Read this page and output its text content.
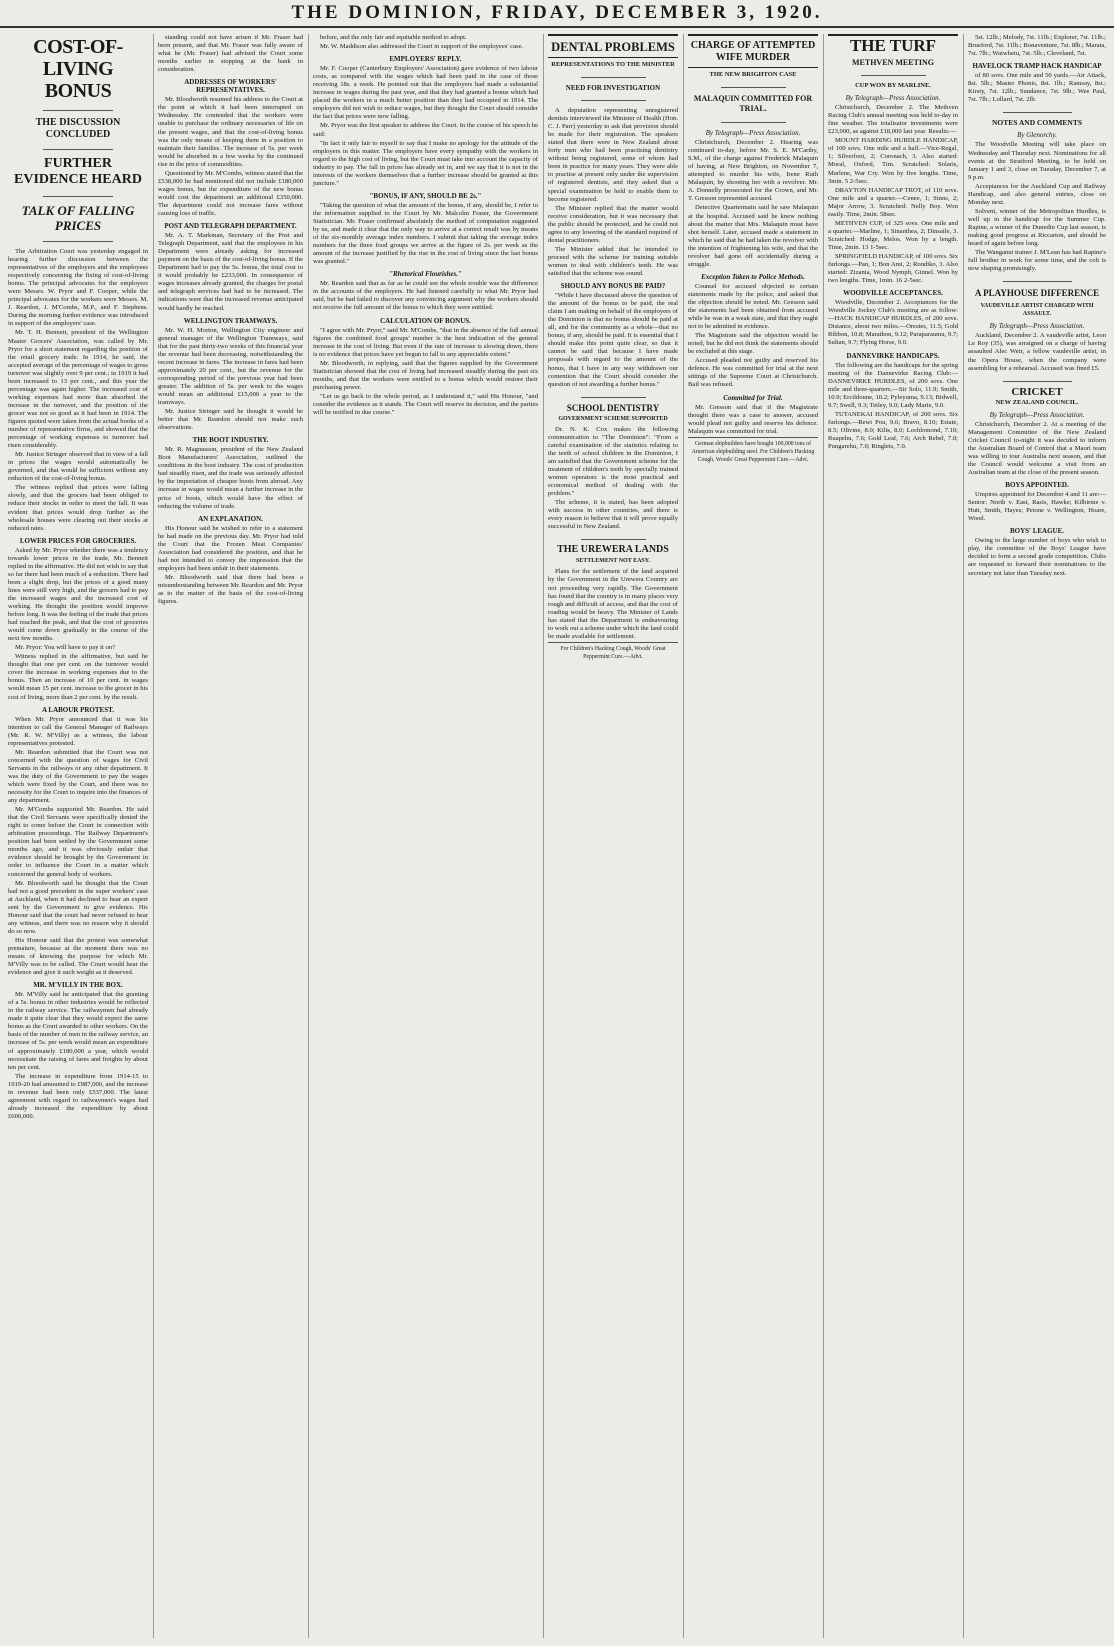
THE DOMINION, FRIDAY, DECEMBER 3, 1920.
COST-OF-LIVING BONUS
THE DISCUSSION CONCLUDED
FURTHER EVIDENCE HEARD
TALK OF FALLING PRICES

The Arbitration Court was yesterday engaged in hearing further discussion between the representatives of the employers and the employees respectively concerning the fixing of cost-of-living bonus. The principal advocates for the employers were Messrs. W. Pryor and F. Cooper, while the principal advocates for the workers were Messrs. M. J. Reardon, J. M'Combs, M.P., and F. Stephens. During the morning further evidence was introduced in support of the employers' case.

Mr. T. H. Bennett, president of the Wellington Master Grocers' Association, was called by Mr. Pryor for a short statement regarding the position of the retail grocery trade. In 1914, he said, the accepted average of the percentage of wages to gross turnover was slightly over 9 per cent.; in 1919 it had been increased to 13 per cent., and this year the percentage was again higher. The increased cost of working expenses had more than absorbed the increase in the turnover, and the position of the grocer was not so good as it had been in 1914. The figures quoted were taken from the actual books of a number of representative firms, and showed that the percentage of working expenses to turnover had risen considerably.

Mr. Justice Stringer observed that in view of a fall in prices the wages would automatically be governed, and that would be sufficient without any reduction of the cost-of-living bonus.

The witness replied that prices were falling slowly, and that the grocers had been obliged to reduce their stocks in order to meet the fall. It was evident that prices would drop further as the wholesale houses were clearing out their stocks at reduced rates.

LOWER PRICES FOR GROCERIES.

Asked by Mr. Pryor whether there was a tendency towards lower prices in the trade, Mr. Bennett replied in the affirmative. He did not wish to say that so far there had been much of a reduction. There had been a slight drop, but the prices of a good many lines were still very high, and the grocers had to pay the increased wages and the increased cost of working. He thought the position would improve before long. It was the feeling of the trade that prices had reached the peak, and that the cost of groceries would come down gradually in the course of the next few months.

Mr. Pryor: You will have to pay it on?

Witness replied in the affirmative, but said he thought that one per cent. on the turnover would cover the increase in working expenses due to the bonus. Then an increase of 10 per cent. in wages would mean 15 per cent. increase to the grocer in his cost of living, more than 2 per cent. by the result.

A LABOUR PROTEST.

When Mr. Pryor announced that it was his intention to call the General Manager of Railways (Mr. R. W. M'Villy) as a witness, the labour representatives protested.

Mr. Reardon submitted that the Court was not concerned with the question of wages for Civil Servants in the railways or any other department. It was the duty of the Government to pay the wages which were fixed by the Court, and there was no necessity for the Court to inquire into the finances of any department.

Mr. M'Combs supported Mr. Reardon. He said that the Civil Servants were specifically denied the right to come before the Court in connection with arbitration proceedings. The Railway Department's position had been settled by the Government some months ago, and it was obviously unfair that evidence should be brought by the Government in order to influence the Court in a matter which concerned the general body of workers.

Mr. Bloodworth said he thought that the Court had not a good precedent in the super workers' case at Auckland, when it had declined to hear an expert sent by the Government to give evidence. His Honour said that the court had never refused to hear any witness, and there was no reason why it should do so now.

His Honour said that the protest was somewhat premature, because at the moment there was no means of knowing the purpose for which Mr. M'Villy was to be called. The Court would hear the evidence and give it such weight as it deserved.

MR. M'VILLY IN THE BOX.

Mr. M'Villy said he anticipated that the granting of a 5s. bonus in other industries would be reflected in the railway service. The railwaymen had already made it quite clear that they would expect the same bonus as the Court awarded to other workers. On the basis of the number of men in the railway service, an increase of 5s. per week would mean an expenditure of approximately £180,000 a year, which would necessitate the raising of fares and freights by about ten per cent.

The increase in expenditure from 1914-15 to 1919-20 had amounted to £987,000, and the increase in revenue had been only £537,000. The latest agreement with regard to railwaymen's wages had already increased the expenditure by about £600,000.

standing could not have arisen if Mr. Fraser had been present, and that Mr. Fraser was fully aware of what he (Mr. Fraser) had advised the Court some months earlier in stopping at the bank in consideration.

ADDRESSES OF WORKERS' REPRESENTATIVES.

Mr. Bloodworth resumed his address to the Court at the point at which it had been interrupted on Wednesday. He contended that the workers were unable to purchase the ordinary necessaries of life on the present wages, and that the cost-of-living bonus was the only means of keeping them in a position to maintain their families. The increase of 5s. per week would be absorbed in a few weeks by the continued rise in the price of commodities.

Questioned by Mr. M'Combs, witness stated that the £538,000 he had mentioned did not include £180,000 wages bonus, but the expenditure of the new bonus would cost the department an additional £350,000. The department could not increase fares without causing loss of traffic.

POST AND TELEGRAPH DEPARTMENT.

Mr. A. T. Markman, Secretary of the Post and Telegraph Department, said that the employees in his Department were already asking for increased payment on the basis of the cost-of-living bonus. If the Department had to pay the 5s. bonus, the total cost to it would probably be £233,000. In consequence of wages increases already granted, the charges for postal and telegraph services had had to be increased. The indications were that the increased revenue anticipated would hardly be reached.

WELLINGTON TRAMWAYS.

Mr. W. H. Morton, Wellington City engineer and general manager of the Wellington Tramways, said that for the past thirty-two weeks of this financial year the revenue had been decreasing, notwithstanding the recent increase in fares. The increase in fares had been approximately 20 per cent., but the revenue for the corresponding period of the previous year had been greater. The addition of 5s. per week to the wages would mean an additional £15,000 a year to the tramways.

Mr. Justice Stringer said he thought it would be better that Mr. Reardon should not make such observations.

THE BOOT INDUSTRY.

Mr. R. Magnusson, president of the New Zealand Boot Manufacturers' Association, outlined the conditions in the boot industry. The cost of production had steadily risen, and the trade was seriously affected by the importation of cheaper boots from abroad. Any increase in wages would mean a further increase in the price of boots, which would have the effect of reducing the volume of trade.

AN EXPLANATION.

His Honour said he wished to refer to a statement he had made on the previous day. Mr. Pryor had told the Court that the Frozen Meat Companies' Association had considered the position, and that he had not intended to convey the impression that the employers had been unfair in their statements.

Mr. Bloodworth said that there had been a misunderstanding between Mr. Reardon and Mr. Pryor as to the matter of the basis of the cost-of-living figures.

before, and the only fair and equitable method to adopt.

Mr. W. Maddison also addressed the Court in support of the employees' case.

EMPLOYERS' REPLY.

Mr. F. Cooper (Canterbury Employers' Association) gave evidence of two labour costs, as compared with the wages which had been paid in the case of those receiving 18s. a week. He pointed out that the employers had made a substantial increase in wages during the past year, and that they had granted a bonus which had placed the workers in a much better position than they had occupied in 1914. The employers did not wish to reduce wages, but they thought the Court should consider the fact that prices were now falling.

Mr. Pryor was the first speaker to address the Court. In the course of his speech he said:

"In fact it only fair to myself to say that I make no apology for the attitude of the employers in this matter. The employers have every sympathy with the workers in regard to the high cost of living, but the Court must take into account the capacity of industry to pay. The fall in prices has already set in, and we say that it is not in the interests of the workers themselves that a further increase should be granted at this juncture."

"BONUS, IF ANY, SHOULD BE 2s."

"Taking the question of what the amount of the bonus, if any, should be, I refer to the information supplied to the Court by Mr. Malcolm Fraser, the Government Statistician. Mr. Fraser confirmed absolutely the method of computation suggested by us, and made it clear that the only way to arrive at a correct result was by means of the six-monthly average index numbers. I submit that taking the average index numbers for the three food groups we arrive at the figure of 2s. per week as the amount of the increase justified by the rise in the cost of living since the last bonus was granted."

"Rhetorical Flourishes."

Mr. Reardon said that as far as he could see the whole trouble was the difference in the accounts of the employers. He had listened carefully to what Mr. Pryor had said, but he had failed to discover any convincing argument why the workers should not receive the full amount of the bonus to which they were entitled.

CALCULATION OF BONUS.

"I agree with Mr. Pryor," said Mr. M'Combs, "that in the absence of the full annual figures the combined food groups' number is the best indication of the general increase in the cost of living. But even if the rate of increase is slowing down, there is no evidence that prices have yet begun to fall to any appreciable extent."

Mr. Bloodworth, in replying, said that the figures supplied by the Government Statistician showed that the cost of living had increased steadily during the past six months, and that the workers were entitled to a bonus which would restore their purchasing power.

"Let us go back to the whole period, as I understand it," said His Honour, "and consider the evidence as it stands. The Court will reserve its decision, and the parties will be notified in due course."

DENTAL PROBLEMS
REPRESENTATIONS TO THE MINISTER
NEED FOR INVESTIGATION

A deputation representing unregistered dentists interviewed the Minister of Health (Hon. C. J. Parr) yesterday to ask that provision should be made for their registration. The speakers stated that there were in New Zealand about forty men who had been practising dentistry without being registered, some of whom had been in practice for many years. They were able to practise at present only under the supervision of registered dentists, and they asked that a special examination be held to enable them to become registered.

The Minister replied that the matter would receive consideration, but it was necessary that the public should be protected, and he could not agree to any lowering of the standard required of dental practitioners.

The Minister added that he intended to proceed with the scheme for training suitable women to deal with children's teeth. He was satisfied that the scheme was sound.

SHOULD ANY BONUS BE PAID?

"While I have discussed above the question of the amount of the bonus to be paid, the real claim I am making on behalf of the employers of the Dominion is that no bonus should be paid at all, and for the community as a whole—that no bonus, if any, should be paid. It is essential that I should make this point quite clear, so that it cannot be said that because I have made proposals with regard to the amount of the bonus, that I have in any way withdrawn our contention that the Court should consider the question of not awarding a further bonus."

SCHOOL DENTISTRY
GOVERNMENT SCHEME SUPPORTED

Dr. N. K. Cox makes the following communication to "The Dominion": "From a careful examination of the statistics relating to the teeth of school children in the Dominion, I am satisfied that the Government scheme for the treatment of children's teeth by specially trained women operators is the most practical and economical method of dealing with the problem."

The scheme, it is stated, has been adopted with success in other countries, and there is every reason to believe that it will prove equally successful in New Zealand.

THE UREWERA LANDS
SETTLEMENT NOT EASY.

Plans for the settlement of the land acquired by the Government in the Urewera Country are not proceeding very rapidly. The Government has found that the country is in many places very rough and difficult of access, and that the cost of roading would be heavy. The Minister of Lands has stated that the Department is endeavouring to work out a scheme under which the land could be made available for settlement.

For Children's Hacking Cough, Woods' Great Peppermint Cure.—Advt.
CHARGE OF ATTEMPTED WIFE MURDER
THE NEW BRIGHTON CASE
MALAQUIN COMMITTED FOR TRIAL.
By Telegraph—Press Association.

Christchurch, December 2. Hearing was continued to-day, before Mr. S. E. M'Carthy, S.M., of the charge against Frederick Malaquin of having, at New Brighton, on November 7, attempted to murder his wife, Irene Ruth Malaquin, by shooting her with a revolver. Mr. A. Donnelly prosecuted for the Crown, and Mr. T. Gresson represented accused.

Detective Quartermain said he saw Malaquin at the hospital. Accused said he knew nothing about the matter that Mrs. Malaquin must have shot herself. Later, accused made a statement in which he said that he had taken the revolver with the intention of frightening his wife, and that the revolver had gone off accidentally during a struggle.

Exception Taken to Police Methods.

Counsel for accused objected to certain statements made by the police, and asked that the objection should be noted. Mr. Gresson said the statements had been obtained from accused while he was in a weak state, and that they ought not to be admitted in evidence.

The Magistrate said the objection would be noted, but he did not think the statements should be excluded at this stage.

Accused pleaded not guilty and reserved his defence. He was committed for trial at the next sittings of the Supreme Court at Christchurch. Bail was refused.

Committed for Trial.

Mr. Gresson said that if the Magistrate thought there was a case to answer, accused would plead not guilty and reserve his defence. Malaquin was committed for trial.

German shipbuilders have bought 100,000 tons of American shipbuilding steel. For Children's Hacking Cough, Woods' Great Peppermint Cure.—Advt.
THE TURF
METHVEN MEETING
CUP WON BY MARLINE.
By Telegraph—Press Association.

Christchurch, December 2. The Methven Racing Club's annual meeting was held to-day in fine weather. The totalisator investments were £23,000, as against £18,000 last year. Results:—

MOUNT HARDING HURDLE HANDICAP, of 100 sovs. One mile and a half.—Vice-Regal, 1; Silverfoot, 2; Coronach, 3. Also started: Moral, Oxford, Tim. Scratched: Solaris, Marlene, War Cry. Won by five lengths. Time, 3min. 5 2-5sec.

DRAYTON HANDICAP TROT, of 110 sovs. One mile and a quarter.—Cenee, 1; Sinns, 2; Major Arrow, 3. Scratched: Nelly Boy. Won easily. Time, 2min. 58sec.

METHVEN CUP, of 325 sovs. One mile and a quarter.—Marline, 1; Sinanthea, 2; Dinsaile, 3. Scratched: Hodge, Melos. Won by a length. Time, 2min. 13 1-5sec.

SPRINGFIELD HANDICAP, of 100 sovs. Six furlongs.—Pan, 1; Bon Ami, 2; Rondiko, 3. Also started: Zizania, Wood Nymph, Ginnel. Won by two lengths. Time, 1min. 16 2-5sec.

WOODVILLE ACCEPTANCES.

Woodville, December 2. Acceptances for the Woodville Jockey Club's meeting are as follow:—HACK HANDICAP HURDLES, of 200 sovs. Distance, about two miles.—Orestes, 11.5; Gold Ribbon, 10.8; Marathon, 9.12; Paraparaumu, 9.7; Sultan, 9.7; Flying Horse, 9.0.

DANNEVIRKE HANDICAPS.

The following are the handicaps for the spring meeting of the Dannevirke Racing Club:—DANNEVIRKE HURDLES, of 200 sovs. One mile and three-quarters.—Sir Solo, 11.9; Smith, 10.9; Ercildoune, 10.2; Pyleyuma, 9.13; Bidwell, 9.7; Swell, 9.3; Tetley, 9.0; Lady Marie, 9.0.

TUTANEKAI HANDICAP, of 200 sovs. Six furlongs.—Rewi Pou, 9.6; Bravo, 8.10; Estate, 8.5; Olivine, 8.0; Kilts, 8.0; Lochlomond, 7.10; Ruapehu, 7.6; Gold Leaf, 7.6; Arch Rebel, 7.0; Pungarehu, 7.0; Ringlets, 7.0.

5st. 12lb.; Melody, 7st. 11lb.; Explorer, 7st. 11lb.; Brueford, 7st. 11lb.; Bonaventure, 7st. 8lb.; Marata, 7st. 7lb.; Waiwhetu, 7st. 5lb.; Cleveland, 7st.

HAVELOCK TRAMP HACK HANDICAP

of 80 sovs. One mile and 50 yards.—Air Attack, 8st. 5lb.; Master Phonis, 8st. 1lb.; Ramsay, 8st.; Kirsty, 7st. 12lb.; Sundance, 7st. 9lb.; Wee Paul, 7st. 7lb.; Lollard, 7st. 2lb.

NOTES AND COMMENTS
By Glenorchy.

The Woodville Meeting will take place on Wednesday and Thursday next. Nominations for all events at the Stratford Meeting, to be held on January 1 and 3, close on Tuesday, December 7, at 9 p.m.

Acceptances for the Auckland Cup and Railway Handicap, and also general entries, close on Monday next.

Solvent, winner of the Metropolitan Hurdles, is well up in the handicap for the Summer Cup. Rapine, a winner of the Dunedin Cup last season, is making good progress at Riccarton, and should be heard of again before long.

The Wanganui trainer J. M'Lean has had Rapine's full brother in work for some time, and the colt is now shaping promisingly.

A PLAYHOUSE DIFFERENCE
VAUDEVILLE ARTIST CHARGED WITH ASSAULT.
By Telegraph—Press Association.

Auckland, December 2. A vaudeville artist, Leon Le Roy (35), was arraigned on a charge of having assaulted Alec Weir, a fellow vaudeville artist, in the Opera House, when the company were assembling for a rehearsal. Accused was fined £5.

CRICKET
NEW ZEALAND COUNCIL.
By Telegraph—Press Association.

Christchurch, December 2. At a meeting of the Management Committee of the New Zealand Cricket Council to-night it was decided to inform the Australian Board of Control that a Maori team was willing to tour Australia next season, and that the Council would welcome a visit from an Australian team at the close of the present season.

BOYS APPOINTED.

Umpires appointed for December 4 and 11 are:—Senior: North v. East, Rasis, Hawke; Kilbirnie v. Hutt, Smith, Hayes; Petone v. Wellington, Hoare, Wood.

BOYS' LEAGUE.

Owing to the large number of boys who wish to play, the committee of the Boys' League have decided to form a second grade competition. Clubs are requested to forward their nominations to the secretary not later than Tuesday next.
